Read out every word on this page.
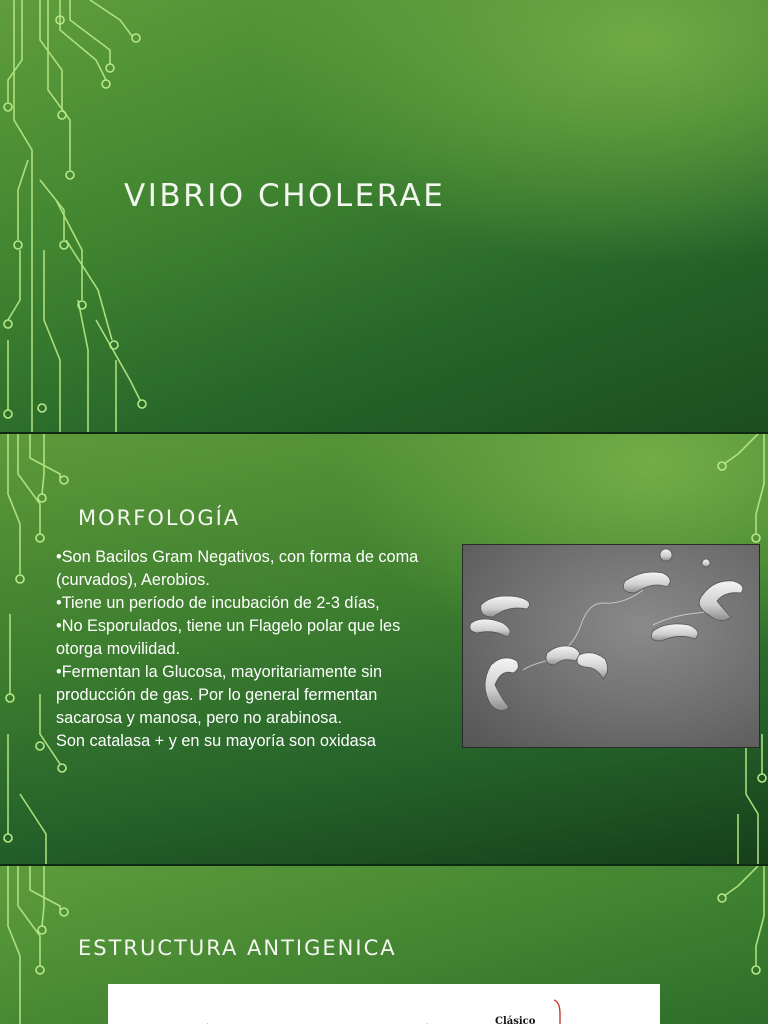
VIBRIO CHOLERAE
MORFOLOGÍA

•Son Bacilos Gram Negativos, con forma de coma (curvados), Aerobios.

•Tiene un período de incubación de 2-3 días,

•No Esporulados, tiene un Flagelo polar que les otorga movilidad.

•Fermentan la Glucosa, mayoritariamente sin producción de gas. Por lo general fermentan sacarosa y manosa, pero no arabinosa.

Son catalasa + y en su mayoría son oxidasa

ESTRUCTURA ANTIGENICA
Clásico
